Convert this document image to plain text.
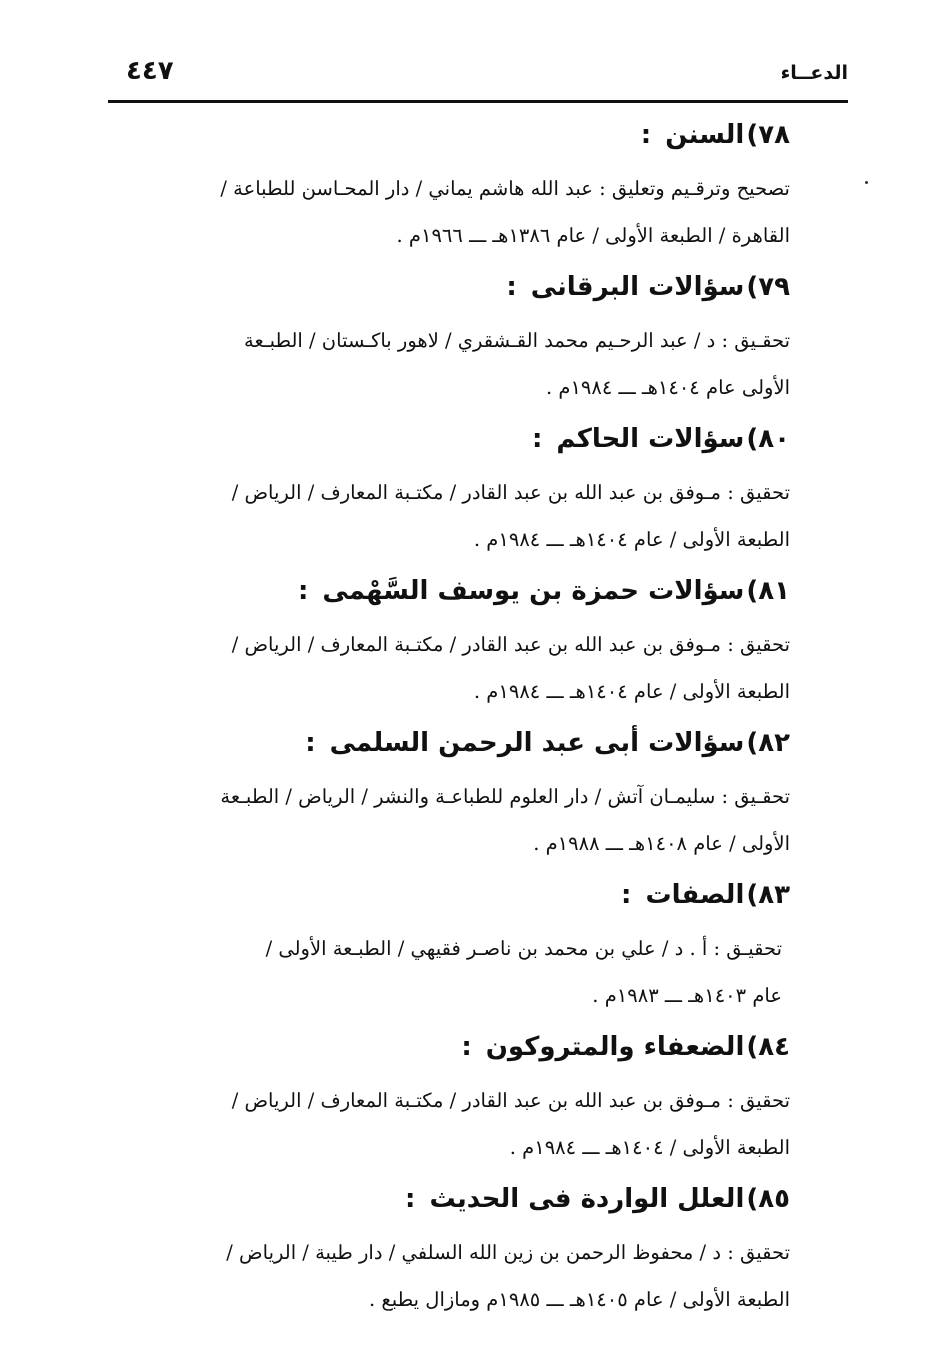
الدعــاء
٤٤٧
٧٨)السنن:
تصحيح وترقـيم وتعليق : عبد الله هاشم يماني / دار المحـاسن للطباعة /
القاهرة / الطبعة الأولى / عام ١٣٨٦هـ ـــ ١٩٦٦م .
٧٩)سؤالات البرقانى:
تحقـيق : د / عبد الرحـيم محمد القـشقري / لاهور باكـستان / الطبـعة
الأولى عام ١٤٠٤هـ ـــ ١٩٨٤م .
٨٠)سؤالات الحاكم:
تحقيق : مـوفق بن عبد الله بن عبد القادر / مكتـبة المعارف / الرياض /
الطبعة الأولى / عام ١٤٠٤هـ ـــ ١٩٨٤م .
٨١)سؤالات حمزة بن يوسف السَّهْمى:
تحقيق : مـوفق بن عبد الله بن عبد القادر / مكتـبة المعارف / الرياض /
الطبعة الأولى / عام ١٤٠٤هـ ـــ ١٩٨٤م .
٨٢)سؤالات أبى عبد الرحمن السلمى:
تحقـيق : سليمـان آتش / دار العلوم للطباعـة والنشر / الرياض / الطبـعة
الأولى / عام ١٤٠٨هـ ـــ ١٩٨٨م .
٨٣)الصفات:
تحقيـق : أ . د / علي بن محمد بن ناصـر فقيهي / الطبـعة الأولى /
عام ١٤٠٣هـ ـــ ١٩٨٣م .
٨٤)الضعفاء والمتروكون:
تحقيق : مـوفق بن عبد الله بن عبد القادر / مكتـبة المعارف / الرياض /
الطبعة الأولى / ١٤٠٤هـ ـــ ١٩٨٤م .
٨٥)العلل الواردة فى الحديث:
تحقيق : د / محفوظ الرحمن بن زين الله السلفي / دار طيبة / الرياض /
الطبعة الأولى / عام ١٤٠٥هـ ـــ ١٩٨٥م ومازال يطبع .
